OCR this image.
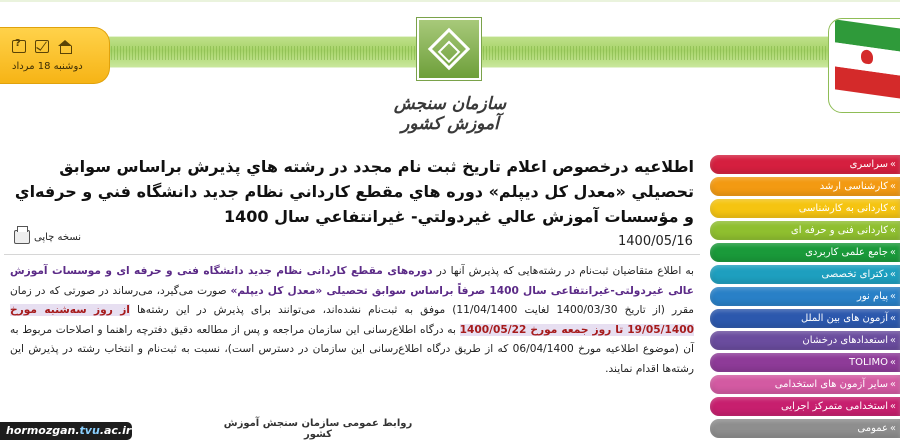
?
دوشنبه 18 مرداد
سازمان سنجش آموزش کشور
اطلاعيه درخصوص اعلام تاريخ ثبت نام مجدد در رشته هاي پذيرش براساس سوابق تحصيلي «معدل كل ديپلم» دوره هاي مقطع كارداني نظام جديد دانشگاه فني و حرفه‌اي و مؤسسات آموزش عالي غيردولتي- غيرانتفاعي سال 1400
نسخه چاپی	1400/05/16

به اطلاع متقاضیان ثبت‌نام در رشته‌هایی که پذیرش آنها در دوره‌های مقطع کاردانی نظام جدید دانشگاه فنی و حرفه ای و موسسات آموزش عالی غیردولتی-غیرانتفاعی سال 1400 صرفاً براساس سوابق تحصیلی «معدل كل ديپلم» صورت می‌گیرد، می‌رساند در صورتی که در زمان مقرر (از تاریخ 1400/03/30 لغایت 11/04/1400) موفق به ثبت‌نام نشده‌اند، می‌توانند برای پذیرش در این رشته‌ها از روز سه‌شنبه مورخ 19/05/1400 تا روز جمعه مورخ 1400/05/22 به درگاه اطلاع‌رسانی این سازمان مراجعه و پس از مطالعه دقیق دفترچه راهنما و اصلاحات مربوط به آن (موضوع اطلاعیه مورخ 06/04/1400 که از طریق درگاه اطلاع‌رسانی این سازمان در دسترس است)، نسبت به ثبت‌نام و انتخاب رشته در پذیرش این رشته‌ها اقدام نمایند.

روابط عمومی سازمان سنجش آموزش کشور
hormozgan.tvu.ac.ir
» سراسری
» کارشناسی ارشد
» کاردانی به کارشناسی
» کاردانی فنی و حرفه ای
» جامع علمی کاربردی
» دکترای تخصصی
» پیام نور
» آزمون های بین الملل
» استعدادهای درخشان
» TOLIMO
» سایر آزمون های استخدامی
» استخدامی متمرکز اجرایی
» عمومی
